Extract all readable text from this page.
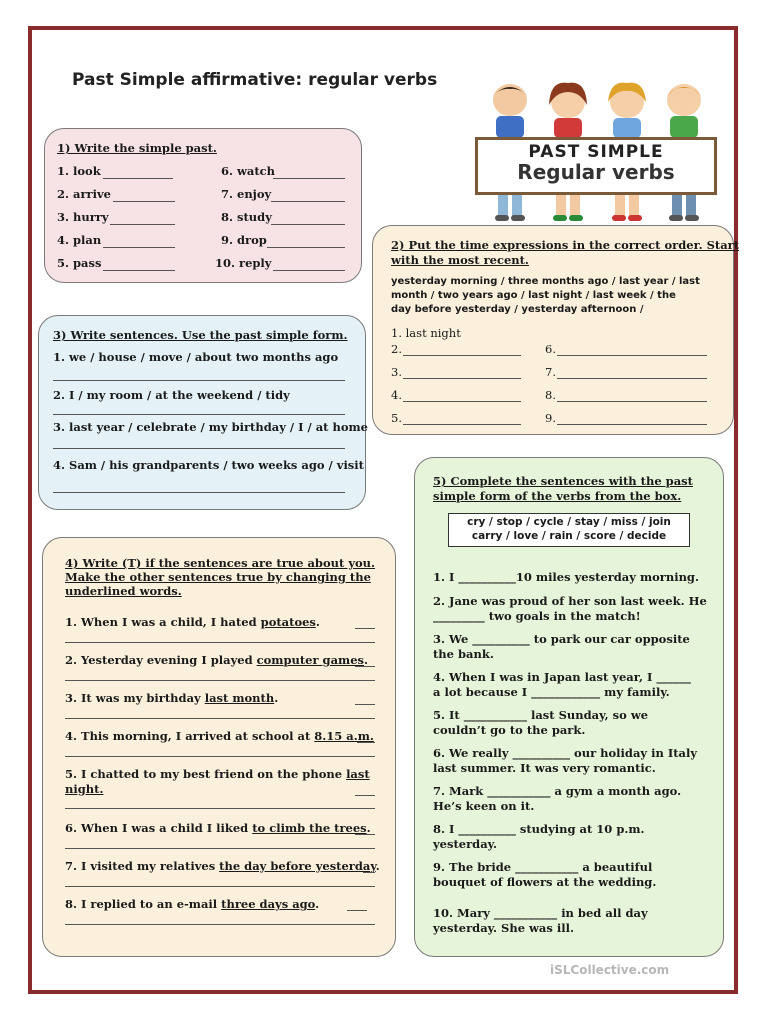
Past Simple affirmative: regular verbs
PAST SIMPLE
Regular verbs
1) Write the simple past.
1. look
2. arrive
3. hurry
4. plan
5. pass
6. watch
7. enjoy
8. study
9. drop
10. reply
2) Put the time expressions in the correct order. Start
with the most recent.
yesterday morning / three months ago / last year / last
month / two years ago / last night / last week / the
day before yesterday / yesterday afternoon /
1. last night
2.
3.
4.
5.
6.
7.
8.
9.
3) Write sentences. Use the past simple form.
1. we / house / move / about two months ago
2. I / my room / at the weekend / tidy
3. last year / celebrate / my birthday / I / at home
4. Sam / his grandparents / two weeks ago / visit
4) Write (T) if the sentences are true about you.
Make the other sentences true by changing the
underlined words.
1. When I was a child, I hated potatoes.
2. Yesterday evening I played computer games.
3. It was my birthday last month.
4. This morning, I arrived at school at 8.15 a.m.
5. I chatted to my best friend on the phone last
night.
6. When I was a child I liked to climb the trees.
7. I visited my relatives the day before yesterday.
8. I replied to an e-mail three days ago.
5) Complete the sentences with the past
simple form of the verbs from the box.
1. I __________10 miles yesterday morning.
2. Jane was proud of her son last week. He
_________ two goals in the match!
3. We __________ to park our car opposite
the bank.
4. When I was in Japan last year, I ______
a lot because I ____________ my family.
5. It ___________ last Sunday, so we
couldn’t go to the park.
6. We really __________ our holiday in Italy
last summer. It was very romantic.
7. Mark ___________ a gym a month ago.
He’s keen on it.
8. I __________ studying at 10 p.m.
yesterday.
9. The bride ___________ a beautiful
bouquet of flowers at the wedding.
10. Mary ___________ in bed all day
yesterday. She was ill.
cry / stop / cycle / stay / miss / join
carry / love / rain / score / decide
iSLCollective.com
